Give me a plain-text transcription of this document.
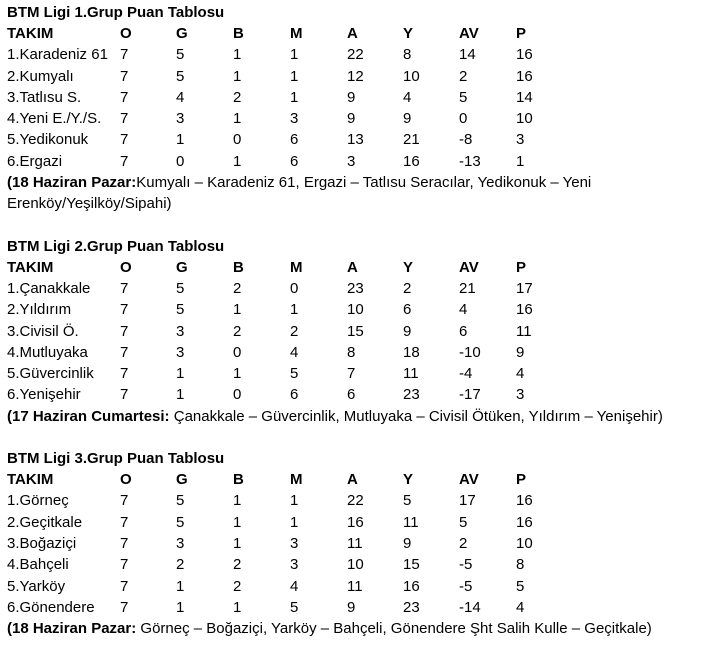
BTM Ligi 1.Grup Puan Tablosu
TAKIM	O	G	B	M	A	Y	AV	P
1.Karadeniz 61	7	5	1	1	22	8	14	16
2.Kumyalı	7	5	1	1	12	10	2	16
3.Tatlısu S.	7	4	2	1	9	4	5	14
4.Yeni E./Y./S.	7	3	1	3	9	9	0	10
5.Yedikonuk	7	1	0	6	13	21	-8	3
6.Ergazi	7	0	1	6	3	16	-13	1
(18 Haziran Pazar:Kumyalı – Karadeniz 61, Ergazi – Tatlısu Seracılar, Yedikonuk – Yeni Erenköy/Yeşilköy/Sipahi)
BTM Ligi 2.Grup Puan Tablosu
TAKIM	O	G	B	M	A	Y	AV	P
1.Çanakkale	7	5	2	0	23	2	21	17
2.Yıldırım	7	5	1	1	10	6	4	16
3.Civisil Ö.	7	3	2	2	15	9	6	11
4.Mutluyaka	7	3	0	4	8	18	-10	9
5.Güvercinlik	7	1	1	5	7	11	-4	4
6.Yenişehir	7	1	0	6	6	23	-17	3
(17 Haziran Cumartesi: Çanakkale – Güvercinlik, Mutluyaka – Civisil Ötüken, Yıldırım – Yenişehir)
BTM Ligi 3.Grup Puan Tablosu
TAKIM	O	G	B	M	A	Y	AV	P
1.Görneç	7	5	1	1	22	5	17	16
2.Geçitkale	7	5	1	1	16	11	5	16
3.Boğaziçi	7	3	1	3	11	9	2	10
4.Bahçeli	7	2	2	3	10	15	-5	8
5.Yarköy	7	1	2	4	11	16	-5	5
6.Gönendere	7	1	1	5	9	23	-14	4
(18 Haziran Pazar: Görneç – Boğaziçi, Yarköy – Bahçeli, Gönendere Şht Salih Kulle – Geçitkale)
